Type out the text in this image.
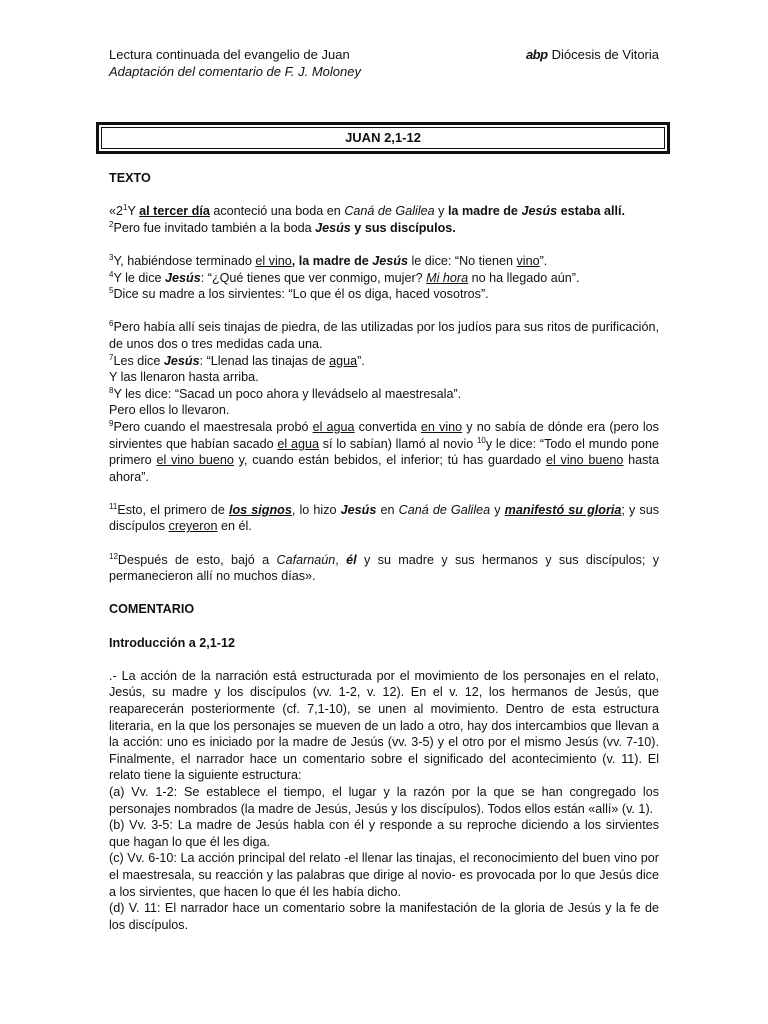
Lectura continuada del evangelio de Juan
Adaptación del comentario de F. J. Moloney
abp Diócesis de Vitoria
JUAN 2,1-12

TEXTO

«$2^1Y$ al tercer día aconteció una boda en Caná de Galilea y la madre de Jesús estaba allí.

$^2$Pero fue invitado también a la boda Jesús y sus discípulos.

$^3$Y, habiéndose terminado el vino, la madre de Jesús le dice: “No tienen vino”.

$^4$Y le dice Jesús: “¿Qué tienes que ver conmigo, mujer? Mi hora no ha llegado aún”.

$^5$Dice su madre a los sirvientes: “Lo que él os diga, haced vosotros”.

$^6$Pero había allí seis tinajas de piedra, de las utilizadas por los judíos para sus ritos de purificación, de unos dos o tres medidas cada una.

$^7$Les dice Jesús: “Llenad las tinajas de agua”.

Y las llenaron hasta arriba.

$^8$Y les dice: “Sacad un poco ahora y llevádselo al maestresala”.

Pero ellos lo llevaron.

$^9$Pero cuando el maestresala probó el agua convertida en vino y no sabía de dónde era (pero los sirvientes que habían sacado el agua sí lo sabían) llamó al novio $^{10}$y le dice: “Todo el mundo pone primero el vino bueno y, cuando están bebidos, el inferior; tú has guardado el vino bueno hasta ahora”.

$^{11}$Esto, el primero de los signos, lo hizo Jesús en Caná de Galilea y manifestó su gloria; y sus discípulos creyeron en él.

$^{12}$Después de esto, bajó a Cafarnaún, él y su madre y sus hermanos y sus discípulos; y permanecieron allí no muchos días».

COMENTARIO

Introducción a 2,1-12

.- La acción de la narración está estructurada por el movimiento de los personajes en el relato, Jesús, su madre y los discípulos (vv. 1-2, v. 12). En el v. 12, los hermanos de Jesús, que reaparecerán posteriormente (cf. 7,1-10), se unen al movimiento. Dentro de esta estructura literaria, en la que los personajes se mueven de un lado a otro, hay dos intercambios que llevan a la acción: uno es iniciado por la madre de Jesús (vv. 3-5) y el otro por el mismo Jesús (vv. 7-10). Finalmente, el narrador hace un comentario sobre el significado del acontecimiento (v. 11). El relato tiene la siguiente estructura:

(a) Vv. 1-2: Se establece el tiempo, el lugar y la razón por la que se han congregado los personajes nombrados (la madre de Jesús, Jesús y los discípulos). Todos ellos están «allí» (v. 1).

(b) Vv. 3-5: La madre de Jesús habla con él y responde a su reproche diciendo a los sirvientes que hagan lo que él les diga.

(c) Vv. 6-10: La acción principal del relato -el llenar las tinajas, el reconocimiento del buen vino por el maestresala, su reacción y las palabras que dirige al novio- es provocada por lo que Jesús dice a los sirvientes, que hacen lo que él les había dicho.

(d) V. 11: El narrador hace un comentario sobre la manifestación de la gloria de Jesús y la fe de los discípulos.
